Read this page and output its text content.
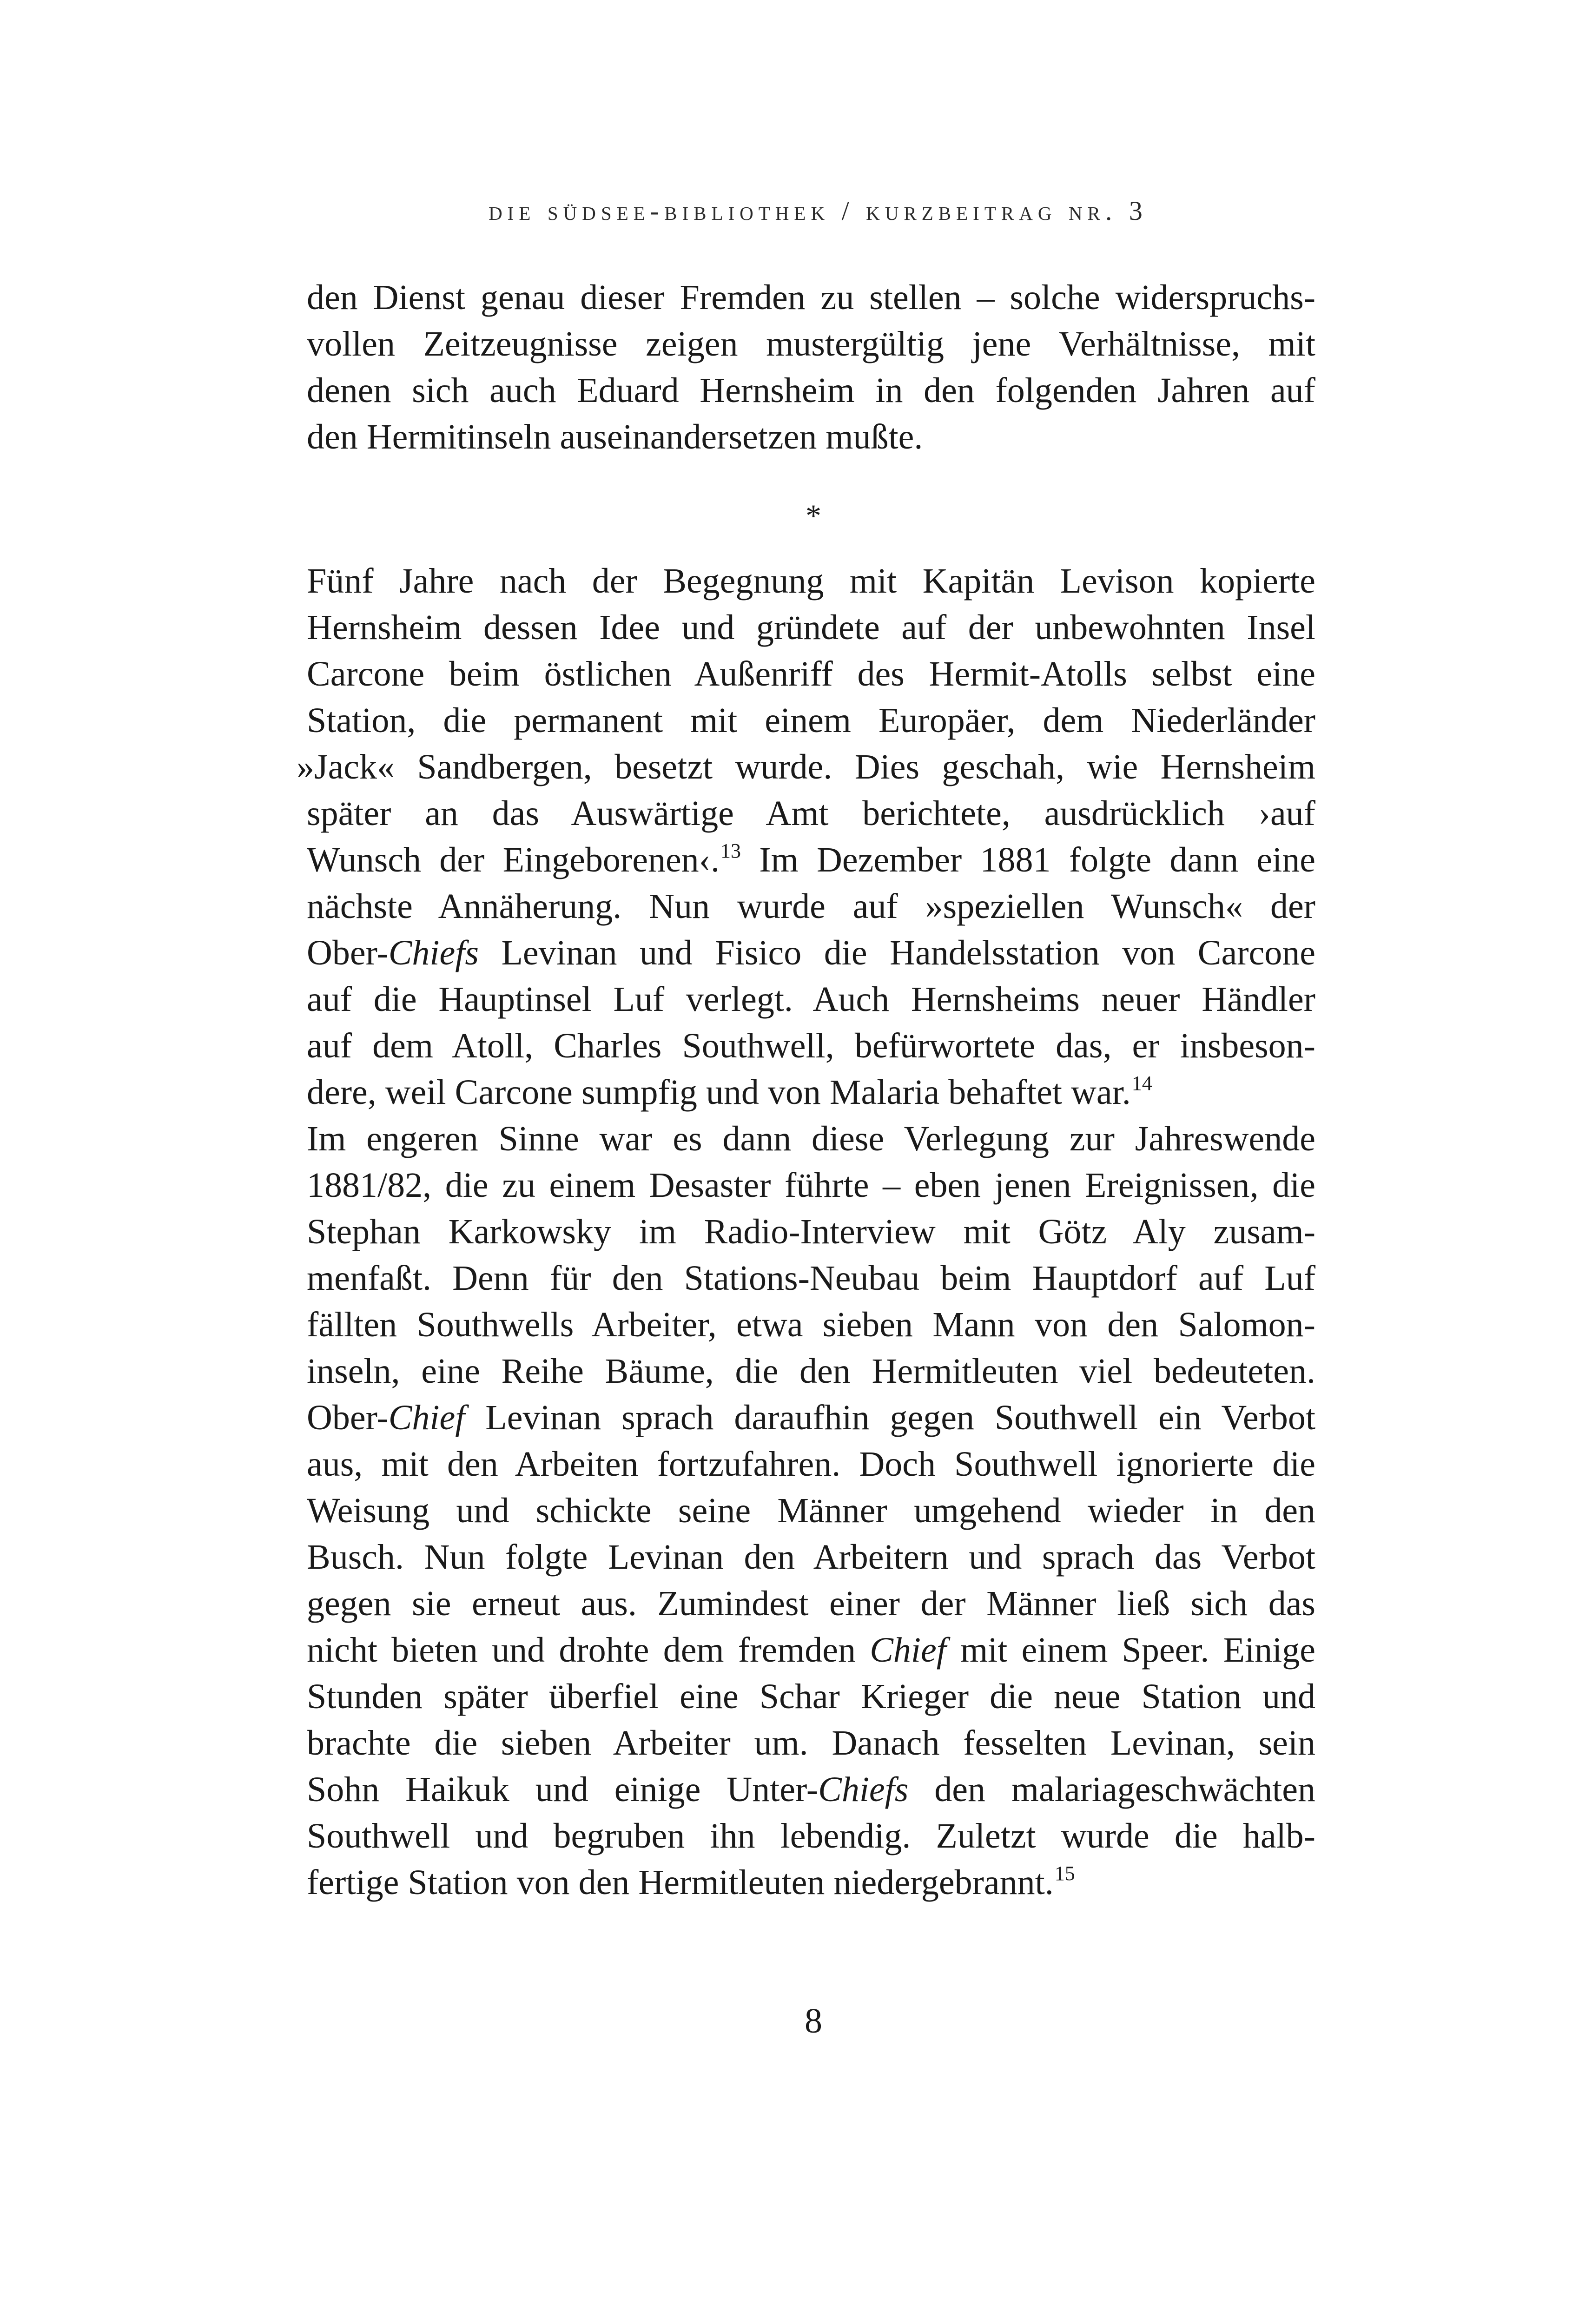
die südsee-bibliothek / kurzbeitrag nr. 3
den Dienst genau dieser Fremden zu stellen – solche widerspruchs-
vollen Zeitzeugnisse zeigen mustergültig jene Verhältnisse, mit
denen sich auch Eduard Hernsheim in den folgenden Jahren auf
den Hermitinseln auseinandersetzen mußte.
*
Fünf Jahre nach der Begegnung mit Kapitän Levison kopierte
Hernsheim dessen Idee und gründete auf der unbewohnten Insel
Carcone beim östlichen Außenriff des Hermit-Atolls selbst eine
Station, die permanent mit einem Europäer, dem Niederländer
»Jack« Sandbergen, besetzt wurde. Dies geschah, wie Hernsheim
später an das Auswärtige Amt berichtete, ausdrücklich ›auf
Wunsch der Eingeborenen‹.$^{13}$ Im Dezember 1881 folgte dann eine
nächste Annäherung. Nun wurde auf »speziellen Wunsch« der
Ober-Chiefs Levinan und Fisico die Handelsstation von Carcone
auf die Hauptinsel Luf verlegt. Auch Hernsheims neuer Händler
auf dem Atoll, Charles Southwell, befürwortete das, er insbeson-
dere, weil Carcone sumpfig und von Malaria behaftet war.$^{14}$
Im engeren Sinne war es dann diese Verlegung zur Jahreswende
1881/82, die zu einem Desaster führte – eben jenen Ereignissen, die
Stephan Karkowsky im Radio-Interview mit Götz Aly zusam-
menfaßt. Denn für den Stations-Neubau beim Hauptdorf auf Luf
fällten Southwells Arbeiter, etwa sieben Mann von den Salomon-
inseln, eine Reihe Bäume, die den Hermitleuten viel bedeuteten.
Ober-Chief Levinan sprach daraufhin gegen Southwell ein Verbot
aus, mit den Arbeiten fortzufahren. Doch Southwell ignorierte die
Weisung und schickte seine Männer umgehend wieder in den
Busch. Nun folgte Levinan den Arbeitern und sprach das Verbot
gegen sie erneut aus. Zumindest einer der Männer ließ sich das
nicht bieten und drohte dem fremden Chief mit einem Speer. Einige
Stunden später überfiel eine Schar Krieger die neue Station und
brachte die sieben Arbeiter um. Danach fesselten Levinan, sein
Sohn Haikuk und einige Unter-Chiefs den malariageschwächten
Southwell und begruben ihn lebendig. Zuletzt wurde die halb-
fertige Station von den Hermitleuten niedergebrannt.$^{15}$
8
